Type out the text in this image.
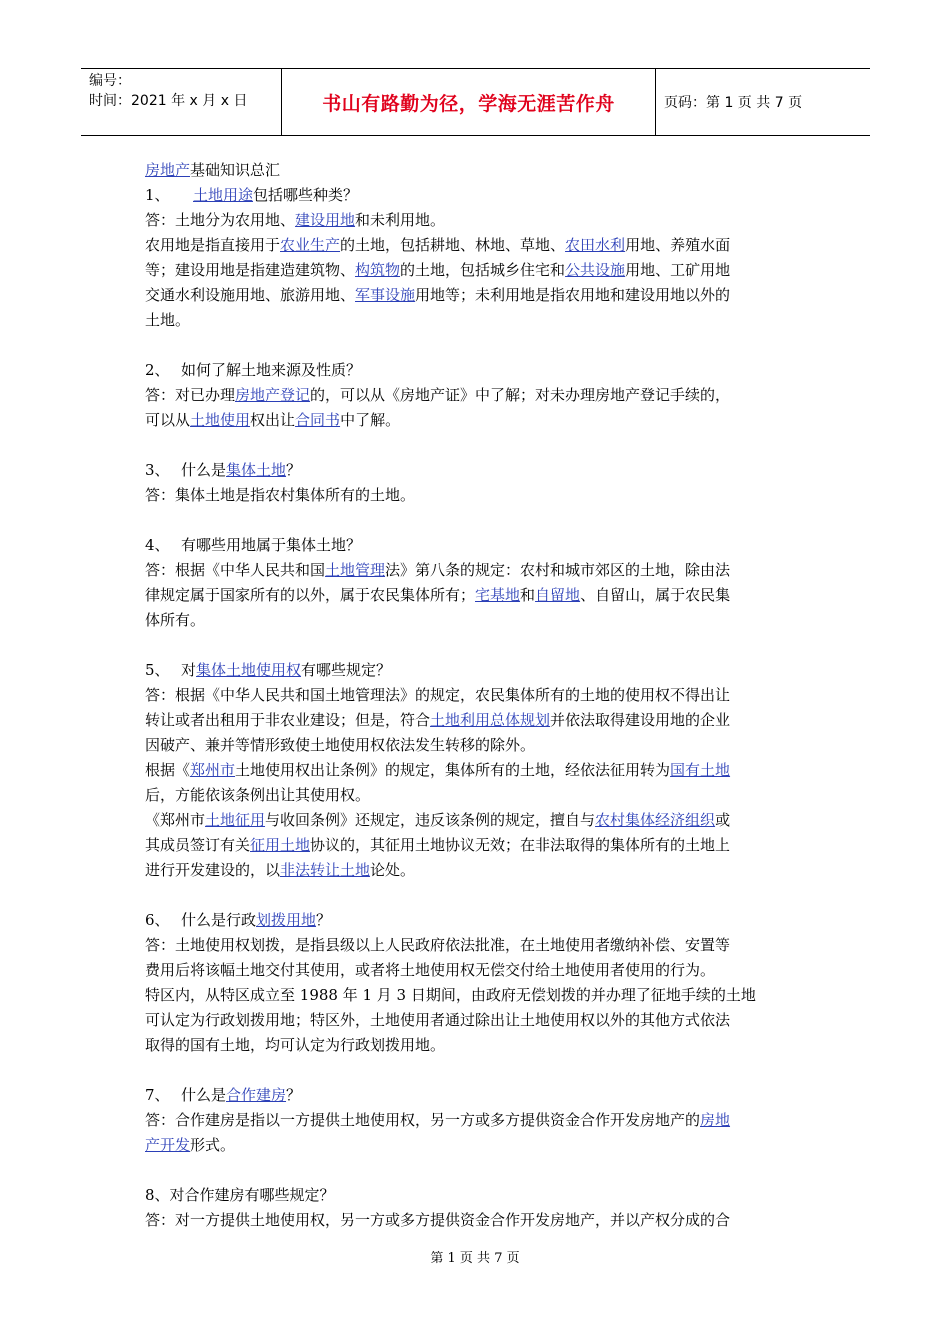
编号：
时间：2021 年 x 月 x 日	书山有路勤为径，学海无涯苦作舟	页码：第 1 页 共 7 页

房地产基础知识总汇

1、 土地用途包括哪些种类？

答：土地分为农用地、建设用地和未利用地。

农用地是指直接用于农业生产的土地，包括耕地、林地、草地、农田水利用地、养殖水面

等；建设用地是指建造建筑物、构筑物的土地，包括城乡住宅和公共设施用地、工矿用地

交通水利设施用地、旅游用地、军事设施用地等；未利用地是指农用地和建设用地以外的

土地。

2、 如何了解土地来源及性质？

答：对已办理房地产登记的，可以从《房地产证》中了解；对未办理房地产登记手续的，

可以从土地使用权出让合同书中了解。

3、 什么是集体土地？

答：集体土地是指农村集体所有的土地。

4、 有哪些用地属于集体土地？

答：根据《中华人民共和国土地管理法》第八条的规定：农村和城市郊区的土地，除由法

律规定属于国家所有的以外，属于农民集体所有；宅基地和自留地、自留山，属于农民集

体所有。

5、 对集体土地使用权有哪些规定？

答：根据《中华人民共和国土地管理法》的规定，农民集体所有的土地的使用权不得出让

转让或者出租用于非农业建设；但是，符合土地利用总体规划并依法取得建设用地的企业

因破产、兼并等情形致使土地使用权依法发生转移的除外。

根据《郑州市土地使用权出让条例》的规定，集体所有的土地，经依法征用转为国有土地

后，方能依该条例出让其使用权。

《郑州市土地征用与收回条例》还规定，违反该条例的规定，擅自与农村集体经济组织或

其成员签订有关征用土地协议的，其征用土地协议无效；在非法取得的集体所有的土地上

进行开发建设的，以非法转让土地论处。

6、 什么是行政划拨用地？

答：土地使用权划拨，是指县级以上人民政府依法批准，在土地使用者缴纳补偿、安置等

费用后将该幅土地交付其使用，或者将土地使用权无偿交付给土地使用者使用的行为。

特区内，从特区成立至 1988 年 1 月 3 日期间，由政府无偿划拨的并办理了征地手续的土地

可认定为行政划拨用地；特区外，土地使用者通过除出让土地使用权以外的其他方式依法

取得的国有土地，均可认定为行政划拨用地。

7、 什么是合作建房？

答：合作建房是指以一方提供土地使用权，另一方或多方提供资金合作开发房地产的房地

产开发形式。

8、对合作建房有哪些规定？

答：对一方提供土地使用权，另一方或多方提供资金合作开发房地产，并以产权分成的合

第 1 页 共 7 页
